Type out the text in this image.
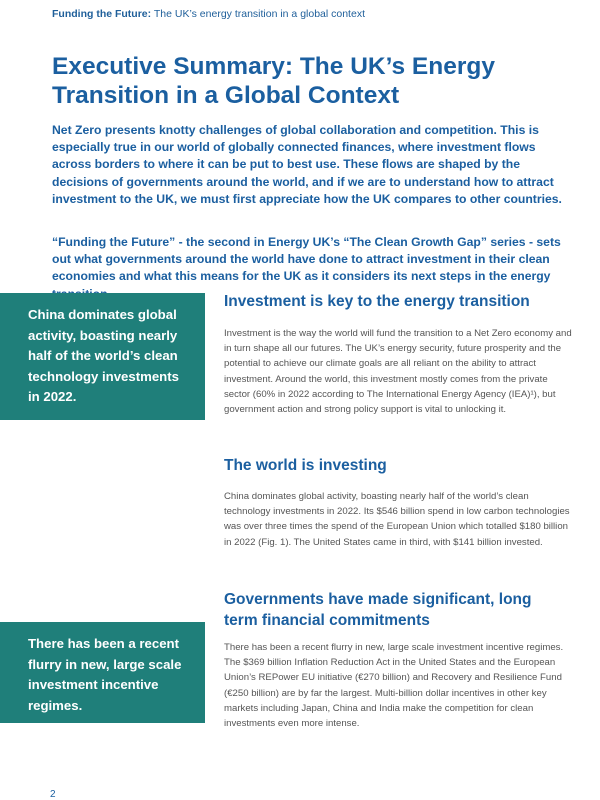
Funding the Future: The UK’s energy transition in a global context
Executive Summary: The UK’s Energy Transition in a Global Context

Net Zero presents knotty challenges of global collaboration and competition. This is especially true in our world of globally connected finances, where investment flows across borders to where it can be put to best use. These flows are shaped by the decisions of governments around the world, and if we are to understand how to attract investment to the UK, we must first appreciate how the UK compares to other countries.

“Funding the Future” - the second in Energy UK’s “The Clean Growth Gap” series - sets out what governments around the world have done to attract investment in their clean economies and what this means for the UK as it considers its next steps in the energy

China dominates global activity, boasting nearly half of the world’s clean technology investments in 2022.
There has been a recent flurry in new, large scale investment incentive regimes.
Investment is key to the energy transition

Investment is the way the world will fund the transition to a Net Zero economy and in turn shape all our futures. The UK’s energy security, future prosperity and the potential to achieve our climate goals are all reliant on the ability to attract investment. Around the world, this investment mostly comes from the private sector (60% in 2022 according to The International Energy Agency (IEA)¹), but government action and strong policy support is vital to unlocking it.

The world is investing

China dominates global activity, boasting nearly half of the world’s clean technology investments in 2022. Its $546 billion spend in low carbon technologies was over three times the spend of the European Union which totalled $180 billion in 2022 (Fig. 1). The United States came in third, with $141 billion invested.

Governments have made significant, long term financial commitments

There has been a recent flurry in new, large scale investment incentive regimes. The $369 billion Inflation Reduction Act in the United States and the European Union’s REPower EU initiative (€270 billion) and Recovery and Resilience Fund (€250 billion) are by far the largest. Multi-billion dollar incentives in other key markets including Japan, China and India make the competition for clean investments even more intense.

2
